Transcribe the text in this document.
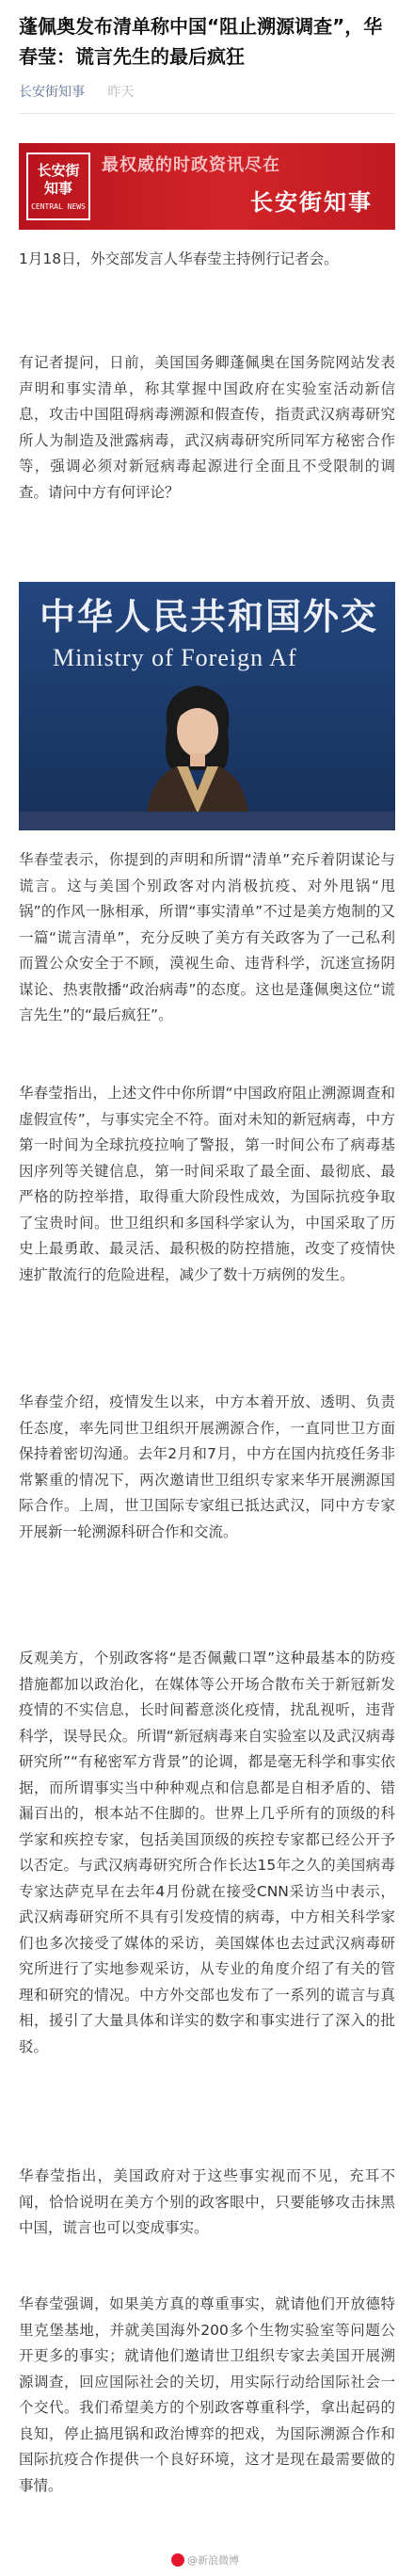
蓬佩奥发布清单称中国“阻止溯源调查”，华春莹：谎言先生的最后疯狂
长安街知事 昨天
长安街
知事
CENTRAL NEWS
最权威的时政资讯尽在
长安街知事

1月18日，外交部发言人华春莹主持例行记者会。

有记者提问，日前，美国国务卿蓬佩奥在国务院网站发表声明和事实清单，称其掌握中国政府在实验室活动新信息，攻击中国阻碍病毒溯源和假查传，指责武汉病毒研究所人为制造及泄露病毒，武汉病毒研究所同军方秘密合作等，强调必须对新冠病毒起源进行全面且不受限制的调查。请问中方有何评论？

中华人民共和国外交
Ministry of Foreign Af

华春莹表示，你提到的声明和所谓“清单”充斥着阴谋论与谎言。这与美国个别政客对内消极抗疫、对外甩锅“甩锅”的作风一脉相承，所谓“事实清单”不过是美方炮制的又一篇“谎言清单”，充分反映了美方有关政客为了一己私利而置公众安全于不顾，漠视生命、违背科学，沉迷宣扬阴谋论、热衷散播“政治病毒”的态度。这也是蓬佩奥这位“谎言先生”的“最后疯狂”。

华春莹指出，上述文件中你所谓“中国政府阻止溯源调查和虚假宣传”，与事实完全不符。面对未知的新冠病毒，中方第一时间为全球抗疫拉响了警报，第一时间公布了病毒基因序列等关键信息，第一时间采取了最全面、最彻底、最严格的防控举措，取得重大阶段性成效，为国际抗疫争取了宝贵时间。世卫组织和多国科学家认为，中国采取了历史上最勇敢、最灵活、最积极的防控措施，改变了疫情快速扩散流行的危险进程，减少了数十万病例的发生。

华春莹介绍，疫情发生以来，中方本着开放、透明、负责任态度，率先同世卫组织开展溯源合作，一直同世卫方面保持着密切沟通。去年2月和7月，中方在国内抗疫任务非常繁重的情况下，两次邀请世卫组织专家来华开展溯源国际合作。上周，世卫国际专家组已抵达武汉，同中方专家开展新一轮溯源科研合作和交流。

反观美方，个别政客将“是否佩戴口罩”这种最基本的防疫措施都加以政治化，在媒体等公开场合散布关于新冠新发疫情的不实信息，长时间蓄意淡化疫情，扰乱视听，违背科学，误导民众。所谓“新冠病毒来自实验室以及武汉病毒研究所”“有秘密军方背景”的论调，都是毫无科学和事实依据，而所谓事实当中种种观点和信息都是自相矛盾的、错漏百出的，根本站不住脚的。世界上几乎所有的顶级的科学家和疾控专家，包括美国顶级的疾控专家都已经公开予以否定。与武汉病毒研究所合作长达15年之久的美国病毒专家达萨克早在去年4月份就在接受CNN采访当中表示，武汉病毒研究所不具有引发疫情的病毒，中方相关科学家们也多次接受了媒体的采访，美国媒体也去过武汉病毒研究所进行了实地参观采访，从专业的角度介绍了有关的管理和研究的情况。中方外交部也发布了一系列的谎言与真相，援引了大量具体和详实的数字和事实进行了深入的批驳。

华春莹指出，美国政府对于这些事实视而不见，充耳不闻，恰恰说明在美方个别的政客眼中，只要能够攻击抹黑中国，谎言也可以变成事实。

华春莹强调，如果美方真的尊重事实，就请他们开放德特里克堡基地，并就美国海外200多个生物实验室等问题公开更多的事实；就请他们邀请世卫组织专家去美国开展溯源调查，回应国际社会的关切，用实际行动给国际社会一个交代。我们希望美方的个别政客尊重科学，拿出起码的良知，停止搞甩锅和政治博弈的把戏，为国际溯源合作和国际抗疫合作提供一个良好环境，这才是现在最需要做的事情。

@新浪微博
